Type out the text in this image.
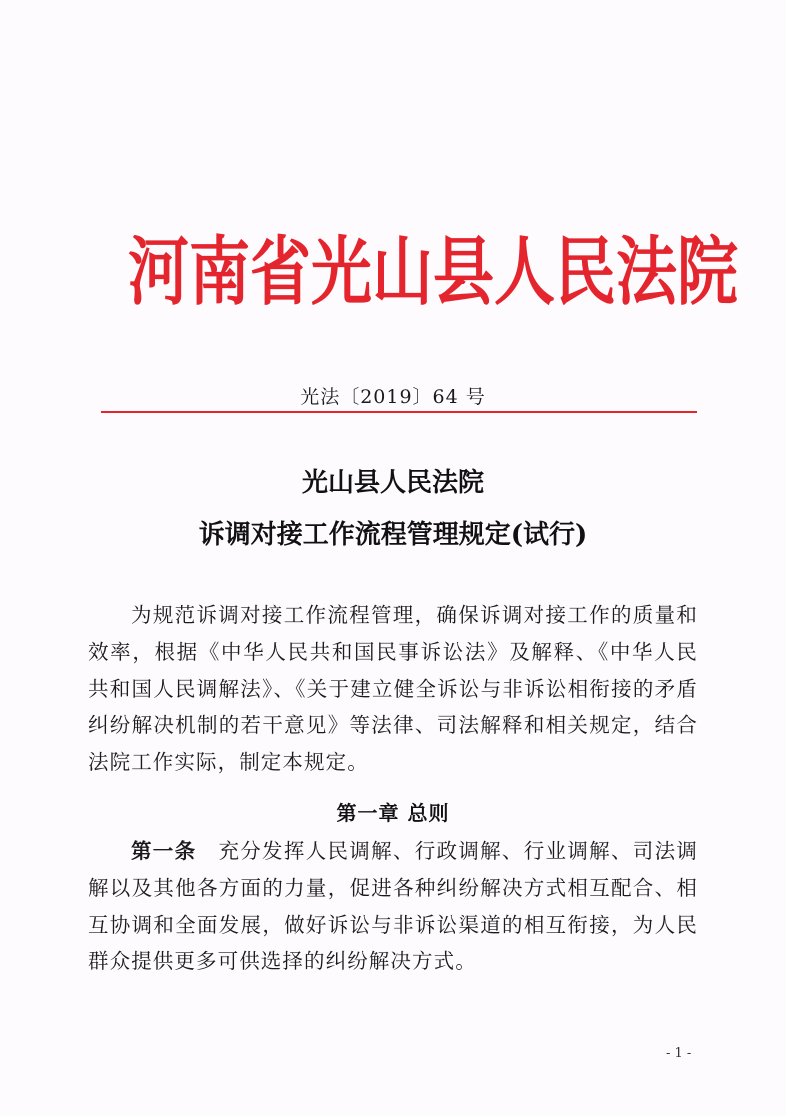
河南省光山县人民法院
光法〔2019〕64 号
光山县人民法院
诉调对接工作流程管理规定(试行)
为规范诉调对接工作流程管理，确保诉调对接工作的质量和效率，根据《中华人民共和国民事诉讼法》及解释、《中华人民共和国人民调解法》、《关于建立健全诉讼与非诉讼相衔接的矛盾纠纷解决机制的若干意见》等法律、司法解释和相关规定，结合法院工作实际，制定本规定。
第一章 总则
第一条 充分发挥人民调解、行政调解、行业调解、司法调解以及其他各方面的力量，促进各种纠纷解决方式相互配合、相互协调和全面发展，做好诉讼与非诉讼渠道的相互衔接，为人民群众提供更多可供选择的纠纷解决方式。
- 1 -
